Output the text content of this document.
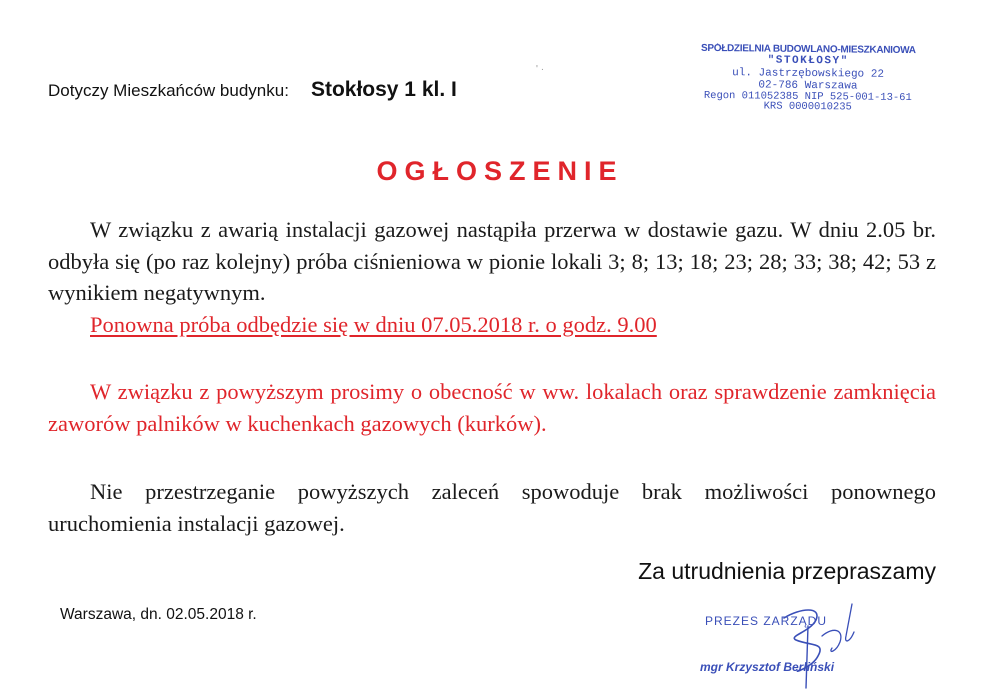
Dotyczy Mieszkańców budynku: Stokłosy 1 kl. I
' ·
SPÓŁDZIELNIA BUDOWLANO-MIESZKANIOWA
"STOKŁOSY"
ul. Jastrzębowskiego 22
02-786 Warszawa
Regon 011052385 NIP 525-001-13-61
KRS 0000010235
OGŁOSZENIE
W związku z awarią instalacji gazowej nastąpiła przerwa w dostawie gazu. W dniu 2.05 br. odbyła się (po raz kolejny) próba ciśnieniowa w pionie lokali 3; 8; 13; 18; 23; 28; 33; 38; 42; 53 z wynikiem negatywnym.
Ponowna próba odbędzie się w dniu 07.05.2018 r. o godz. 9.00
W związku z powyższym prosimy o obecność w ww. lokalach oraz sprawdzenie zamknięcia zaworów palników w kuchenkach gazowych (kurków).
Nie przestrzeganie powyższych zaleceń spowoduje brak możliwości ponownego uruchomienia instalacji gazowej.
Za utrudnienia przepraszamy
Warszawa, dn. 02.05.2018 r.	PREZES ZARZĄDU
mgr Krzysztof Berliński
